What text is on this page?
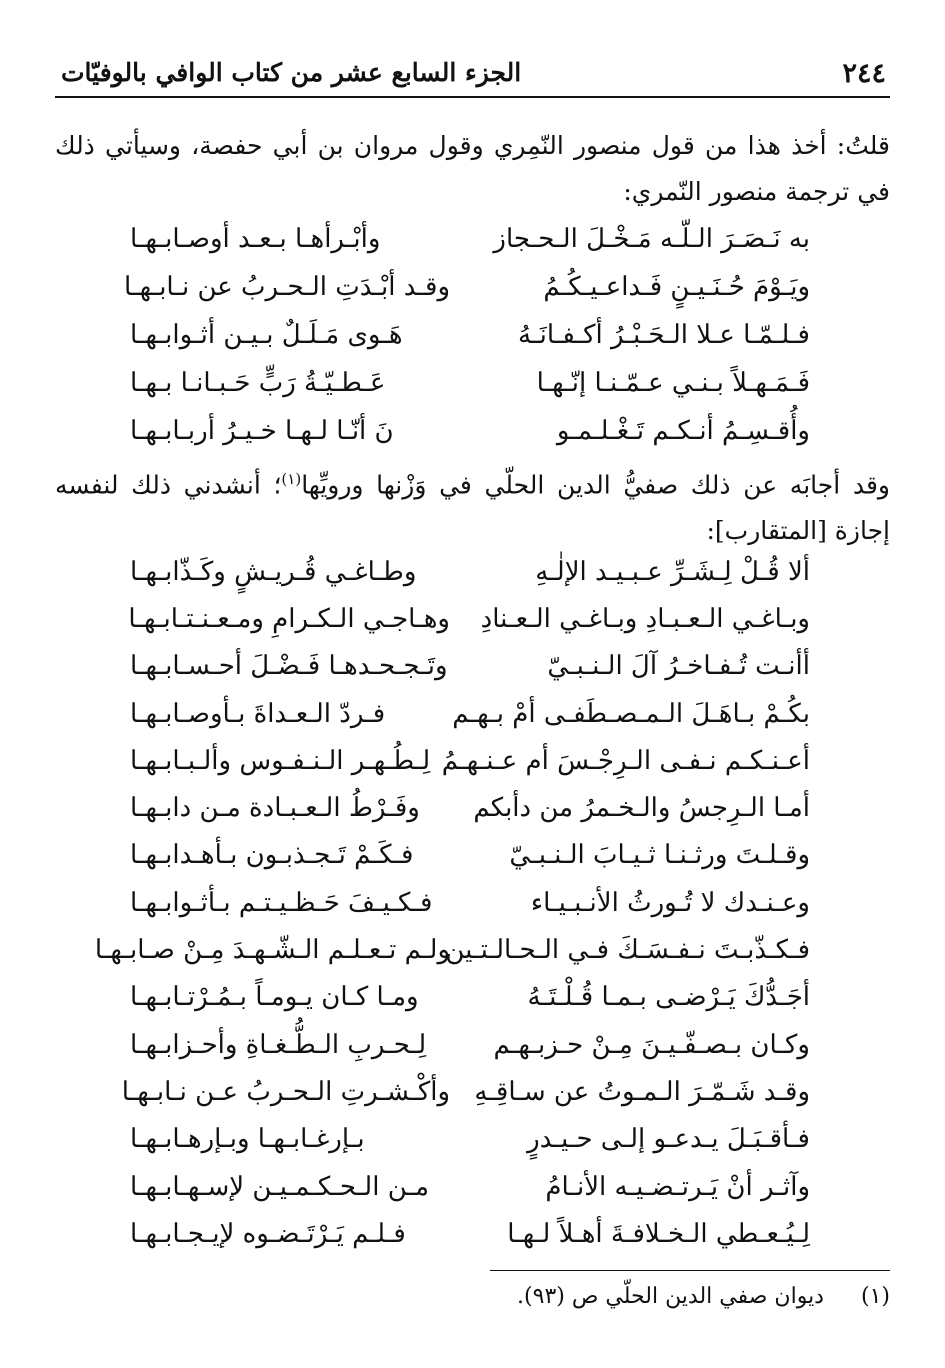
٢٤٤
الجزء السابع عشر من كتاب الوافي بالوفيّات
قلتُ: أخذ هذا من قول منصور النّمِري وقول مروان بن أبي حفصة، وسيأتي ذلك في ترجمة منصور النّمري:
به نَـصَـرَ الـلّـه مَـخْـلَ الـحـجاز
وأبْـرأهـا بـعـد أوصـابـهـا
ويَـوْمَ حُـنَـيـنٍ فَـداعـيـكُـمُ
وقـد أبْـدَتِ الـحـربُ عن نـابـهـا
فـلـمّـا عـلا الـحَـبْـرُ أكـفـانَـهُ
هَـوى مَـلَـلٌ بـيـن أثـوابـهـا
فَـمَـهـلاً بـنـي عـمّـنـا إنّـهـا
عَـطـيّـةُ رَبٍّ حَـبـانـا بـهـا
وأُقـسِـمُ أنـكـم تَـغْـلـمـو
نَ أنّـا لـهـا خـيـرُ أربـابـهـا
وقد أجابَه عن ذلك صفيُّ الدين الحلّي في وَزْنها ورويِّها$^{(١)}$؛ أنشدني ذلك لنفسه إجازة [المتقارب]:
ألا قُـلْ لِـشَـرِّ عـبـيـد الإلٰـهِ
وطـاغـي قُـريـشٍ وكَـذّابـهـا
وبـاغـي الـعـبـادِ وبـاغـي الـعـنادِ
وهـاجـي الـكـرامِ ومـعـنـتـابـهـا
أأنـت تُـفـاخـرُ آلَ الـنـبـيّ
وتَـجـحـدهـا فَـضْـلَ أحـسـابـهـا
بكُـمْ بـاهَـلَ الـمـصـطَفـى أمْ بـهـم
فـردّ الـعـداةَ بـأوصـابـهـا
أعـنـكـم نـفـى الـرِجْـسَ أم عـنـهـمُ
لِـطُـهـر الـنـفـوس وألـبـابـهـا
أمـا الـرِجسُ والـخـمرُ من دأبكم
وفَـرْطُ الـعـبـادة مـن دابـهـا
وقـلـتَ ورثـنـا ثـيـابَ الـنـبـيّ
فـكَـمْ تَـجـذبـون بـأهـدابـهـا
وعـنـدك لا تُـورثُ الأنـبـيـاء
فـكـيـفَ حَـظـيـتـم بـأثـوابـهـا
فـكـذّبـتَ نـفـسَـكَ فـي الـحـالـتـين
ولـم تـعـلـم الـشّـهـدَ مِـنْ صـابـهـا
أجَـدُّكَ يَـرْضـى بـمـا قُـلْـتَـهُ
ومـا كـان يـومـاً بـمُـرْتـابـهـا
وكـان بـصـفّـيـنَ مِـنْ حـزبـهـم
لِـحـربِ الـطُّـغـاةِ وأحـزابـهـا
وقـد شَـمّـرَ الـمـوتُ عن سـاقِـهِ
وأكْـشـرتِ الـحـربُ عـن نـابـهـا
فـأقـبَـلَ يـدعـو إلـى حـيـدرٍ
بـإرغـابـهـا وبـإرهـابـهـا
وآثـر أنْ يَـرتـضـيـه الأنـامُ
مـن الـحـكـمـيـن لإسـهـابـهـا
لِـيُـعـطي الـخـلافـةَ أهـلاً لـهـا
فـلـم يَـرْتَـضـوه لإيـجـابـهـا
(١) ديوان صفي الدين الحلّي ص (٩٣).
